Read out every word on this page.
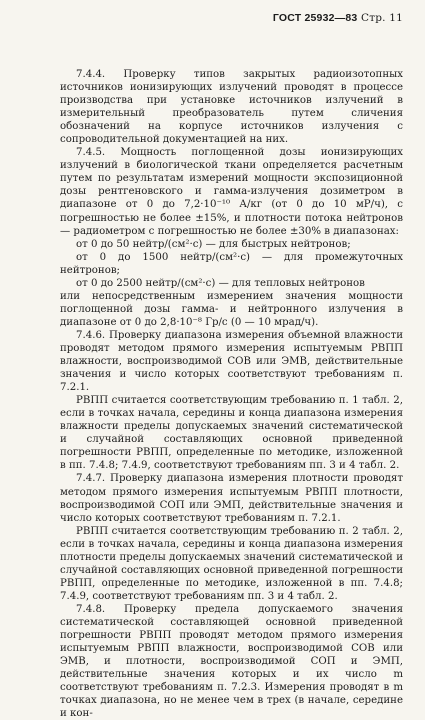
ГОСТ 25932—83 Стр. 11

7.4.4. Проверку типов закрытых радиоизотопных источников ионизирующих излучений проводят в процессе производства при установке источников излучений в измерительный преобразователь путем сличения обозначений на корпусе источников излучения с сопроводительной документацией на них.

7.4.5. Мощность поглощенной дозы ионизирующих излучений в биологической ткани определяется расчетным путем по результатам измерений мощности экспозиционной дозы рентгеновского и гамма-излучения дозиметром в диапазоне от 0 до 7,2·10⁻¹⁰ А/кг (от 0 до 10 мР/ч), с погрешностью не более ±15%, и плотности потока нейтронов — радиометром с погрешностью не более ±30% в диапазонах:

от 0 до 50 нейтр/(см²·с) — для быстрых нейтронов;

от 0 до 1500 нейтр/(см²·с) — для промежуточных нейтронов;

от 0 до 2500 нейтр/(см²·с) — для тепловых нейтронов

или непосредственным измерением значения мощности поглощенной дозы гамма- и нейтронного излучения в диапазоне от 0 до 2,8·10⁻⁸ Гр/с (0 — 10 мрад/ч).

7.4.6. Проверку диапазона измерения объемной влажности проводят методом прямого измерения испытуемым РВПП влажности, воспроизводимой СОВ или ЭМВ, действительные значения и число которых соответствуют требованиям п. 7.2.1.

РВПП считается соответствующим требованию п. 1 табл. 2, если в точках начала, середины и конца диапазона измерения влажности пределы допускаемых значений систематической и случайной составляющих основной приведенной погрешности РВПП, определенные по методике, изложенной в пп. 7.4.8; 7.4.9, соответствуют требованиям пп. 3 и 4 табл. 2.

7.4.7. Проверку диапазона измерения плотности проводят методом прямого измерения испытуемым РВПП плотности, воспроизводимой СОП или ЭМП, действительные значения и число которых соответствуют требованиям п. 7.2.1.

РВПП считается соответствующим требованию п. 2 табл. 2, если в точках начала, середины и конца диапазона измерения плотности пределы допускаемых значений систематической и случайной составляющих основной приведенной погрешности РВПП, определенные по методике, изложенной в пп. 7.4.8; 7.4.9, соответствуют требованиям пп. 3 и 4 табл. 2.

7.4.8. Проверку предела допускаемого значения систематической составляющей основной приведенной погрешности РВПП проводят методом прямого измерения испытуемым РВПП влажности, воспроизводимой СОВ или ЭМВ, и плотности, воспроизводимой СОП и ЭМП, действительные значения которых и их число m соответствуют требованиям п. 7.2.3. Измерения проводят в m точках диапазона, но не менее чем в трех (в начале, середине и кон-
